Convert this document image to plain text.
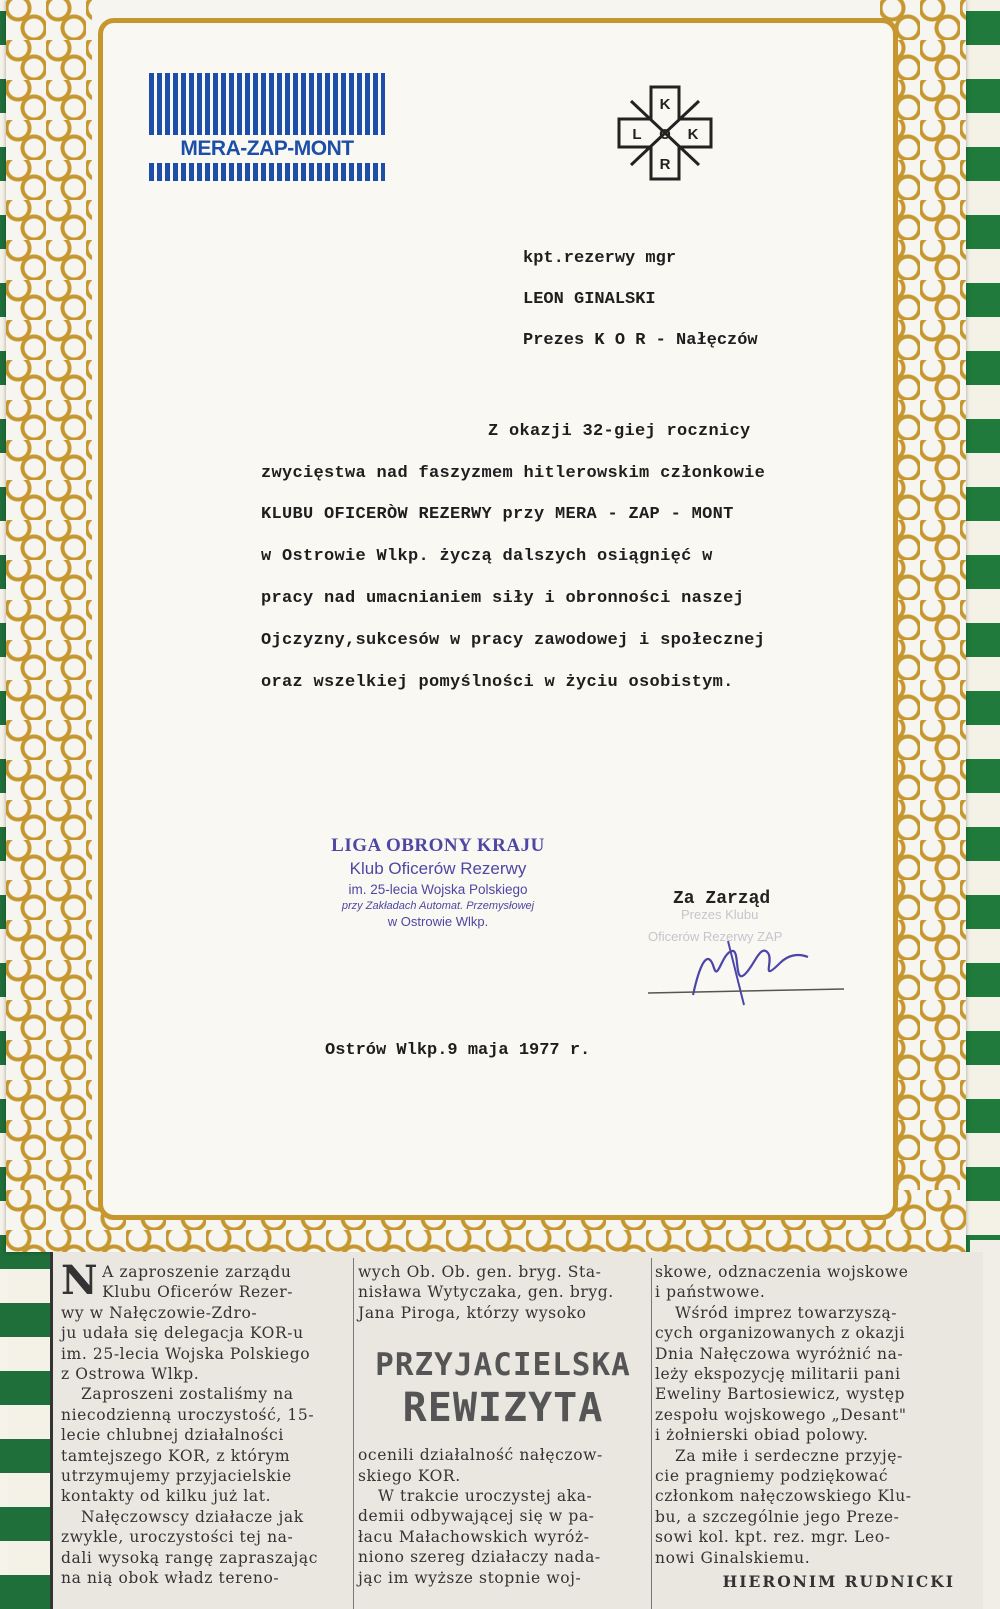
MERA-ZAP-MONT
K
L O K
R
kpt.rezerwy mgr
LEON GINALSKI
Prezes K O R - Nałęczów
Z okazji 32-giej rocznicy
zwycięstwa nad faszyzmem hitlerowskim członkowie
KLUBU OFICERÒW REZERWY przy MERA - ZAP - MONT
w Ostrowie Wlkp. życzą dalszych osiągnięć w
pracy nad umacnianiem siły i obronności naszej
Ojczyzny,sukcesów w pracy zawodowej i społecznej
oraz wszelkiej pomyślności w życiu osobistym.
LIGA OBRONY KRAJU
Klub Oficerów Rezerwy
im. 25-lecia Wojska Polskiego
przy Zakładach Automat. Przemysłowej
w Ostrowie Wlkp.
Za Zarząd
Prezes Klubu
Oficerów Rezerwy ZAP
Ostrów Wlkp.9 maja 1977 r.
N A zaproszenie zarządu

Klubu Oficerów Rezer-

wy w Nałęczowie-Zdro-

ju udała się delegacja KOR-u

im. 25-lecia Wojska Polskiego

z Ostrowa Wlkp.

Zaproszeni zostaliśmy na

niecodzienną uroczystość, 15-

lecie chlubnej działalności

tamtejszego KOR, z którym

utrzymujemy przyjacielskie

kontakty od kilku już lat.

Nałęczowscy działacze jak

zwykle, uroczystości tej na-

dali wysoką rangę zapraszając

na nią obok władz tereno-

wych Ob. Ob. gen. bryg. Sta-

nisława Wytyczaka, gen. bryg.

Jana Piroga, którzy wysoko

PRZYJACIELSKA

REWIZYTA

ocenili działalność nałęczow-

skiego KOR.

W trakcie uroczystej aka-

demii odbywającej się w pa-

łacu Małachowskich wyróż-

niono szereg działaczy nada-

jąc im wyższe stopnie woj-

skowe, odznaczenia wojskowe

i państwowe.

Wśród imprez towarzyszą-

cych organizowanych z okazji

Dnia Nałęczowa wyróżnić na-

leży ekspozycję militarii pani

Eweliny Bartosiewicz, występ

zespołu wojskowego „Desant"

i żołnierski obiad polowy.

Za miłe i serdeczne przyję-

cie pragniemy podziękować

członkom nałęczowskiego Klu-

bu, a szczególnie jego Preze-

sowi kol. kpt. rez. mgr. Leo-

nowi Ginalskiemu.

HIERONIM RUDNICKI
